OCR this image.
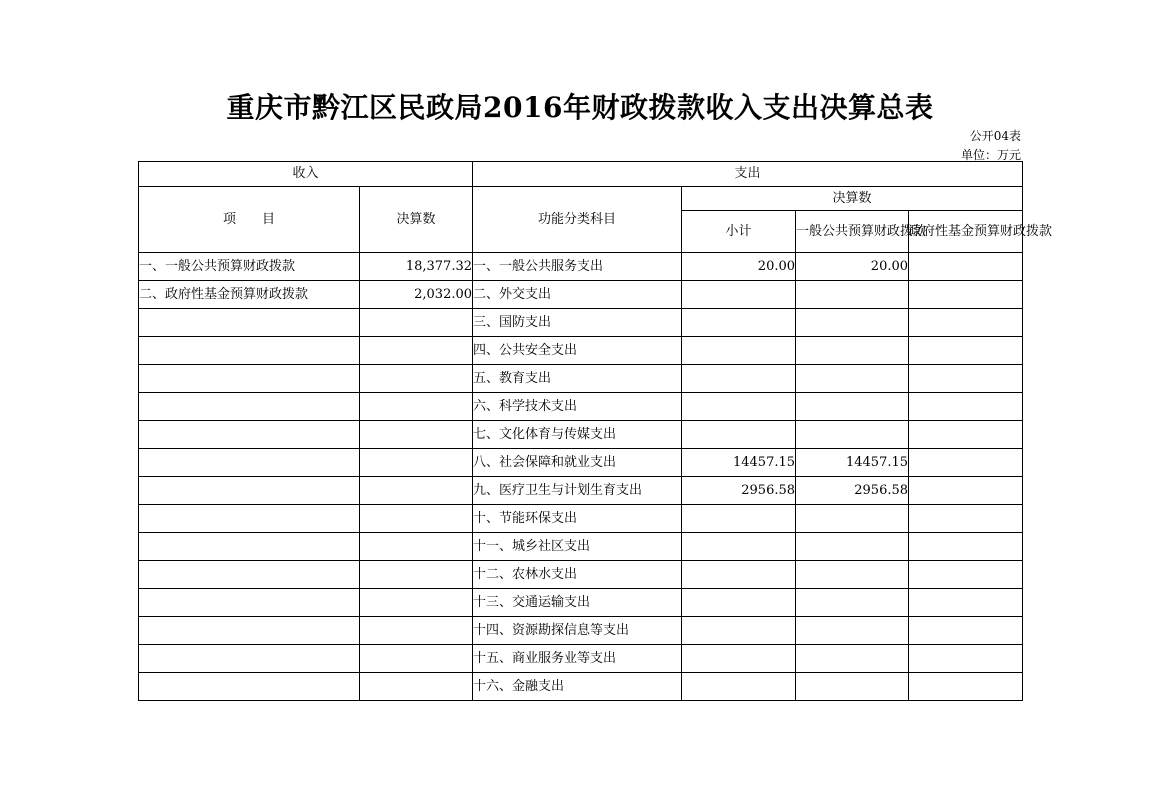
重庆市黔江区民政局2016年财政拨款收入支出决算总表
公开04表
单位：万元
收入		支出			
项　　目	决算数	功能分类科目	决算数		
			小计	一般公共预算财政拨款	政府性基金预算财政拨款
一、一般公共预算财政拨款	18,377.32	一、一般公共服务支出	20.00	20.00	
二、政府性基金预算财政拨款	2,032.00	二、外交支出			
		三、国防支出			
		四、公共安全支出			
		五、教育支出			
		六、科学技术支出			
		七、文化体育与传媒支出			
		八、社会保障和就业支出	14457.15	14457.15	
		九、医疗卫生与计划生育支出	2956.58	2956.58	
		十、节能环保支出			
		十一、城乡社区支出			
		十二、农林水支出			
		十三、交通运输支出			
		十四、资源勘探信息等支出			
		十五、商业服务业等支出			
		十六、金融支出			
